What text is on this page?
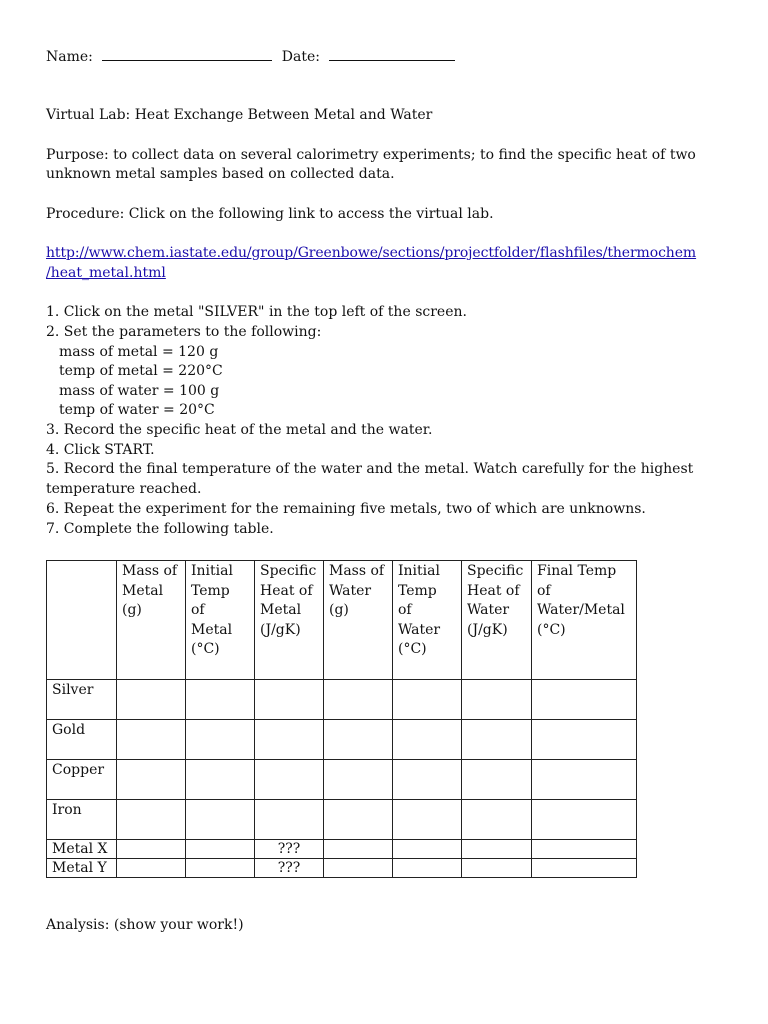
Name:	Date:
Virtual Lab: Heat Exchange Between Metal and Water
Purpose: to collect data on several calorimetry experiments; to find the specific heat of two
unknown metal samples based on collected data.
Procedure: Click on the following link to access the virtual lab.
http://www.chem.iastate.edu/group/Greenbowe/sections/projectfolder/flashfiles/thermochem
/heat_metal.html
1. Click on the metal "SILVER" in the top left of the screen.
2. Set the parameters to the following:
mass of metal = 120 g
temp of metal = 220°C
mass of water = 100 g
temp of water = 20°C
3. Record the specific heat of the metal and the water.
4. Click START.
5. Record the final temperature of the water and the metal. Watch carefully for the highest
temperature reached.
6. Repeat the experiment for the remaining five metals, two of which are unknowns.
7. Complete the following table.
	Mass of
Metal
(g)	Initial
Temp
of
Metal
(°C)	Specific
Heat of
Metal
(J/gK)	Mass of
Water
(g)	Initial
Temp
of
Water
(°C)	Specific
Heat of
Water
(J/gK)	Final Temp
of
Water/Metal
(°C)
Silver							
Gold							
Copper							
Iron							
Metal X			???				
Metal Y			???				
Analysis: (show your work!)
